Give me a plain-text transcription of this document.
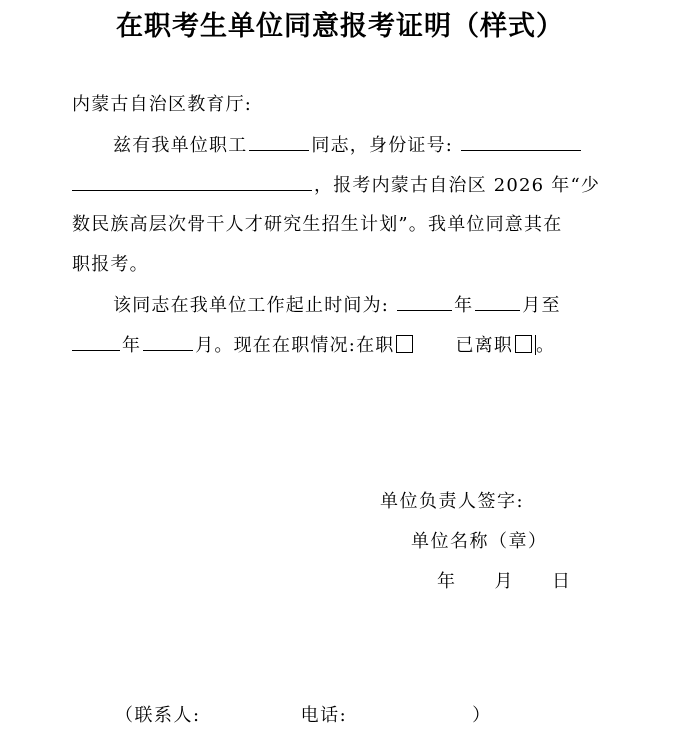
在职考生单位同意报考证明（样式）
内蒙古自治区教育厅:
兹有我单位职工	同志，身份证号:
，报考内蒙古自治区 2026 年“少
数民族高层次骨干人才研究生招生计划”。我单位同意其在
职报考。
该同志在我单位工作起止时间为:	年	月至
年	月。现在在职情况:在职	已离职 。
单位负责人签字:
单位名称（章）
年 月 日
（联系人:	电话:	）
